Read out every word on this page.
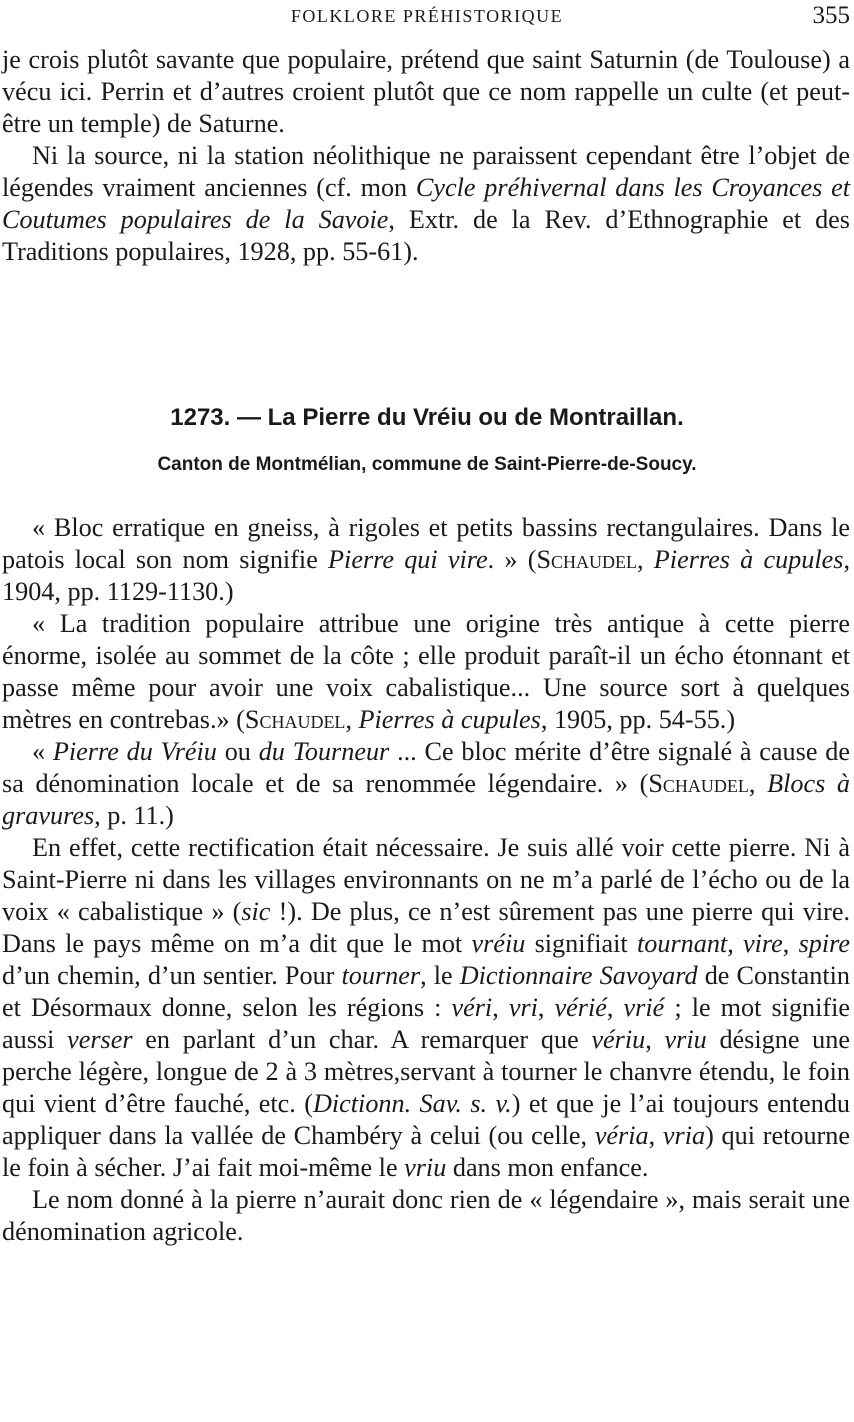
FOLKLORE PRÉHISTORIQUE	355

je crois plutôt savante que populaire, prétend que saint Saturnin (de Toulouse) a vécu ici. Perrin et d’autres croient plutôt que ce nom rappelle un culte (et peut-être un temple) de Saturne.

Ni la source, ni la station néolithique ne paraissent cependant être l’objet de légendes vraiment anciennes (cf. mon Cycle préhivernal dans les Croyances et Coutumes populaires de la Savoie, Extr. de la Rev. d’Ethnographie et des Traditions populaires, 1928, pp. 55-61).

1273. — La Pierre du Vréiu ou de Montraillan.
Canton de Montmélian, commune de Saint-Pierre-de-Soucy.

« Bloc erratique en gneiss, à rigoles et petits bassins rectangulaires. Dans le patois local son nom signifie Pierre qui vire. » (Schaudel, Pierres à cupules, 1904, pp. 1129-1130.)

« La tradition populaire attribue une origine très antique à cette pierre énorme, isolée au sommet de la côte ; elle produit paraît-il un écho étonnant et passe même pour avoir une voix cabalistique... Une source sort à quelques mètres en contrebas.» (Schaudel, Pierres à cupules, 1905, pp. 54-55.)

« Pierre du Vréiu ou du Tourneur ... Ce bloc mérite d’être signalé à cause de sa dénomination locale et de sa renommée légendaire. » (Schaudel, Blocs à gravures, p. 11.)

En effet, cette rectification était nécessaire. Je suis allé voir cette pierre. Ni à Saint-Pierre ni dans les villages environnants on ne m’a parlé de l’écho ou de la voix « cabalistique » (sic !). De plus, ce n’est sûrement pas une pierre qui vire. Dans le pays même on m’a dit que le mot vréiu signifiait tournant, vire, spire d’un chemin, d’un sentier. Pour tourner, le Dictionnaire Savoyard de Constantin et Désormaux donne, selon les régions : véri, vri, vérié, vrié ; le mot signifie aussi verser en parlant d’un char. A remarquer que vériu, vriu désigne une perche légère, longue de 2 à 3 mètres,servant à tourner le chanvre étendu, le foin qui vient d’être fauché, etc. (Dictionn. Sav. s. v.) et que je l’ai toujours entendu appliquer dans la vallée de Chambéry à celui (ou celle, véria, vria) qui retourne le foin à sécher. J’ai fait moi-même le vriu dans mon enfance.

Le nom donné à la pierre n’aurait donc rien de « légendaire », mais serait une dénomination agricole.
